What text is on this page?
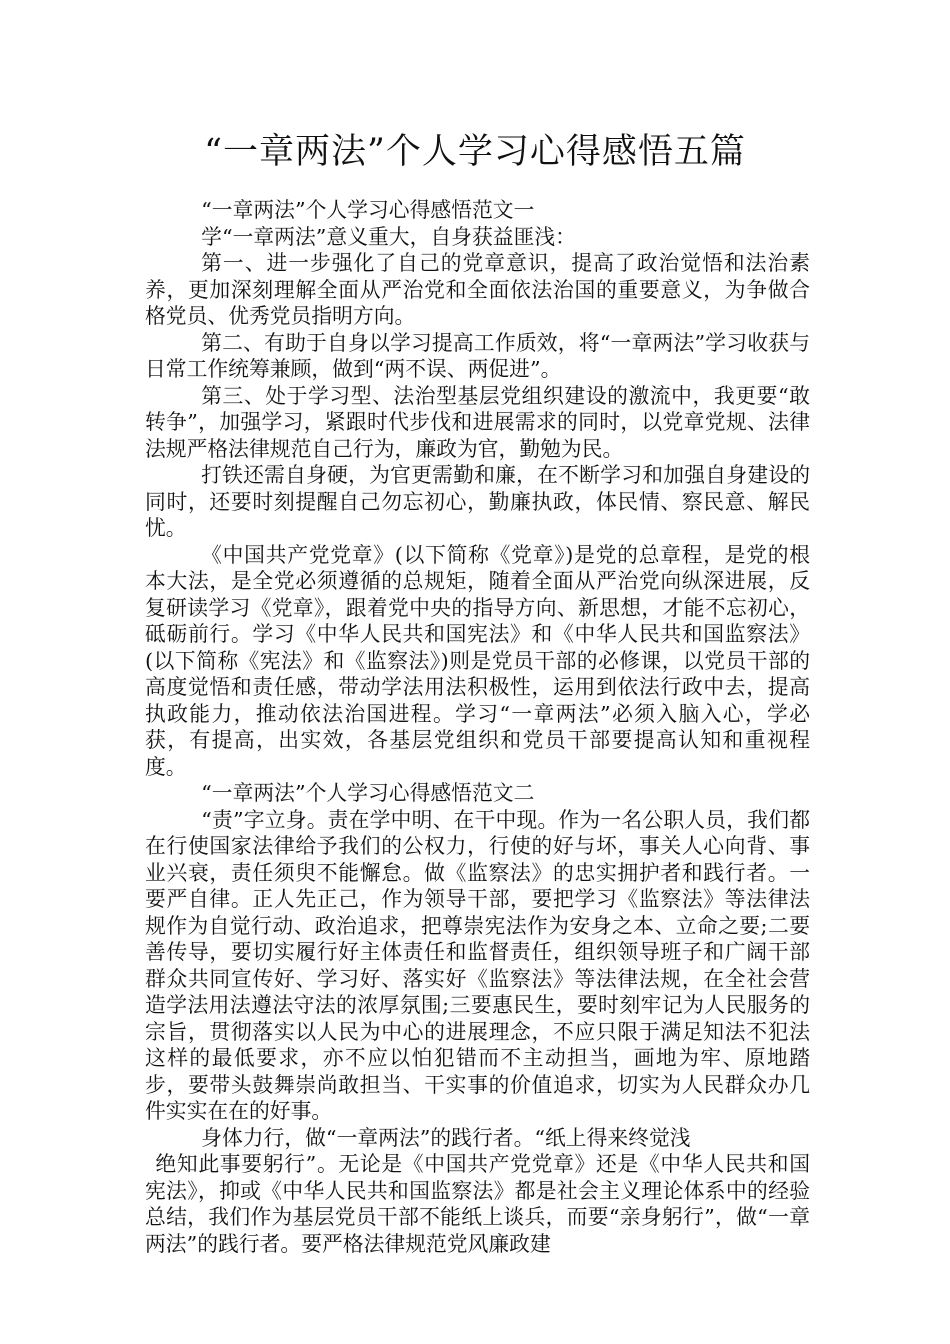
“一章两法”个人学习心得感悟五篇

“一章两法”个人学习心得感悟范文一

学“一章两法”意义重大，自身获益匪浅：

第一、进一步强化了自己的党章意识，提高了政治觉悟和法治素养，更加深刻理解全面从严治党和全面依法治国的重要意义，为争做合格党员、优秀党员指明方向。

第二、有助于自身以学习提高工作质效，将“一章两法”学习收获与日常工作统筹兼顾，做到“两不误、两促进”。

第三、处于学习型、法治型基层党组织建设的激流中，我更要“敢转争”，加强学习，紧跟时代步伐和进展需求的同时，以党章党规、法律法规严格法律规范自己行为，廉政为官，勤勉为民。

打铁还需自身硬，为官更需勤和廉，在不断学习和加强自身建设的同时，还要时刻提醒自己勿忘初心，勤廉执政，体民情、察民意、解民忧。

《中国共产党党章》(以下简称《党章》)是党的总章程，是党的根本大法，是全党必须遵循的总规矩，随着全面从严治党向纵深进展，反复研读学习《党章》，跟着党中央的指导方向、新思想，才能不忘初心，砥砺前行。学习《中华人民共和国宪法》和《中华人民共和国监察法》(以下简称《宪法》和《监察法》)则是党员干部的必修课，以党员干部的高度觉悟和责任感，带动学法用法积极性，运用到依法行政中去，提高执政能力，推动依法治国进程。学习“一章两法”必须入脑入心，学必获，有提高，出实效，各基层党组织和党员干部要提高认知和重视程度。

“一章两法”个人学习心得感悟范文二

“责”字立身。责在学中明、在干中现。作为一名公职人员，我们都在行使国家法律给予我们的公权力，行使的好与坏，事关人心向背、事业兴衰，责任须臾不能懈怠。做《监察法》的忠实拥护者和践行者。一要严自律。正人先正己，作为领导干部，要把学习《监察法》等法律法规作为自觉行动、政治追求，把尊崇宪法作为安身之本、立命之要;二要善传导，要切实履行好主体责任和监督责任，组织领导班子和广阔干部群众共同宣传好、学习好、落实好《监察法》等法律法规，在全社会营造学法用法遵法守法的浓厚氛围;三要惠民生，要时刻牢记为人民服务的宗旨，贯彻落实以人民为中心的进展理念，不应只限于满足知法不犯法这样的最低要求，亦不应以怕犯错而不主动担当，画地为牢、原地踏步，要带头鼓舞崇尚敢担当、干实事的价值追求，切实为人民群众办几件实实在在的好事。

身体力行，做“一章两法”的践行者。“纸上得来终觉浅

绝知此事要躬行”。无论是《中国共产党党章》还是《中华人民共和国宪法》，抑或《中华人民共和国监察法》都是社会主义理论体系中的经验总结，我们作为基层党员干部不能纸上谈兵，而要“亲身躬行”，做“一章两法”的践行者。要严格法律规范党风廉政建
